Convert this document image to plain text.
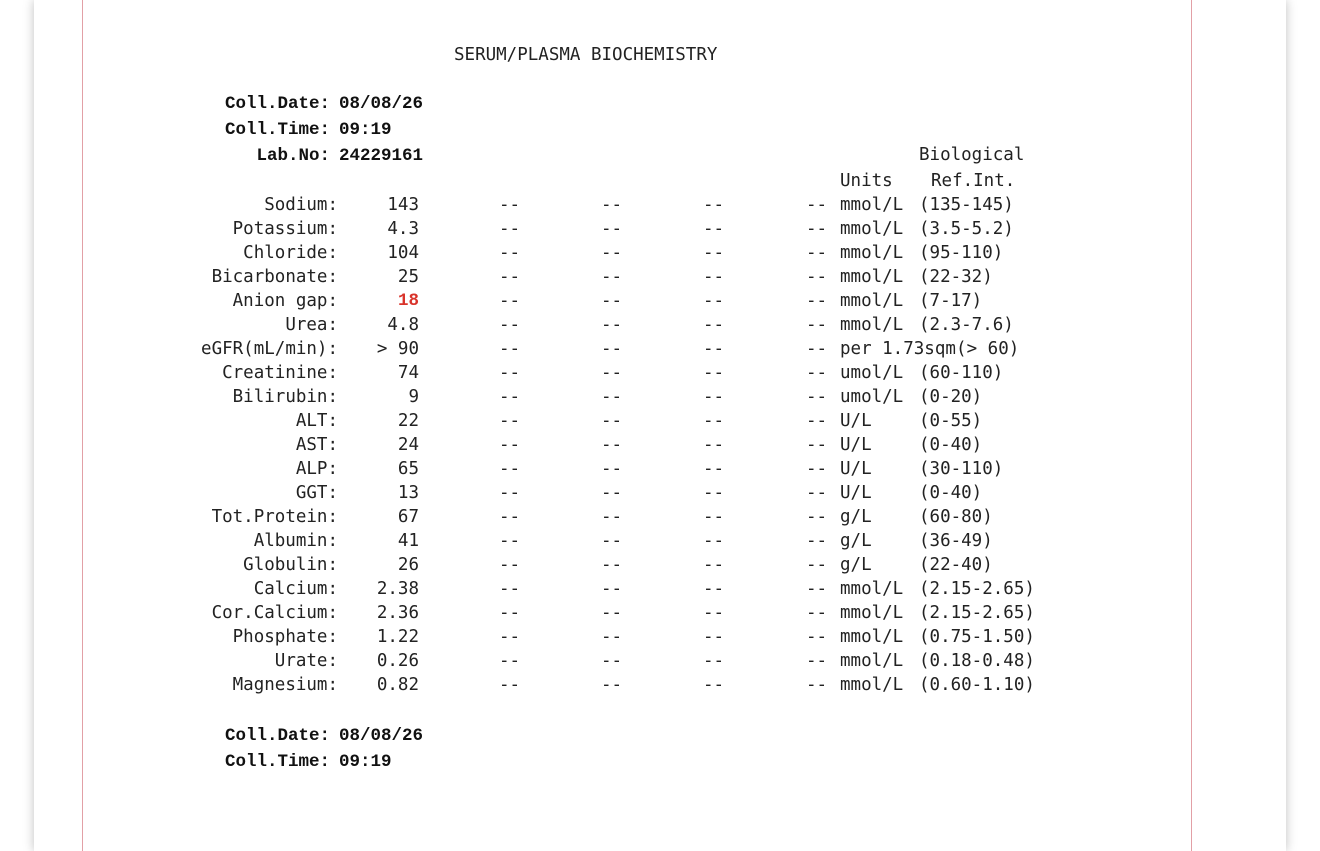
SERUM/PLASMA BIOCHEMISTRY
Coll.Date: 08/08/26
Coll.Time: 09:19
Lab.No: 24229161	Biological
Units Ref.Int.
Sodium:	143	--	--	--	-- mmol/L (135-145)
Potassium:	4.3	--	--	--	-- mmol/L (3.5-5.2)
Chloride:	104	--	--	--	-- mmol/L (95-110)
Bicarbonate:	25	--	--	--	-- mmol/L (22-32)
Anion gap:	18	--	--	--	-- mmol/L (7-17)
Urea:	4.8	--	--	--	-- mmol/L (2.3-7.6)
eGFR(mL/min):	> 90	--	--	--	-- per 1.73sqm (> 60)
Creatinine:	74	--	--	--	-- umol/L (60-110)
Bilirubin:	9	--	--	--	-- umol/L (0-20)
ALT:	22	--	--	--	-- U/L	(0-55)
AST:	24	--	--	--	-- U/L	(0-40)
ALP:	65	--	--	--	-- U/L	(30-110)
GGT:	13	--	--	--	-- U/L	(0-40)
Tot.Protein:	67	--	--	--	-- g/L	(60-80)
Albumin:	41	--	--	--	-- g/L	(36-49)
Globulin:	26	--	--	--	-- g/L	(22-40)
Calcium:	2.38	--	--	--	-- mmol/L (2.15-2.65)
Cor.Calcium:	2.36	--	--	--	-- mmol/L (2.15-2.65)
Phosphate:	1.22	--	--	--	-- mmol/L (0.75-1.50)
Urate:	0.26	--	--	--	-- mmol/L (0.18-0.48)
Magnesium:	0.82	--	--	--	-- mmol/L (0.60-1.10)
Coll.Date: 08/08/26
Coll.Time: 09:19
